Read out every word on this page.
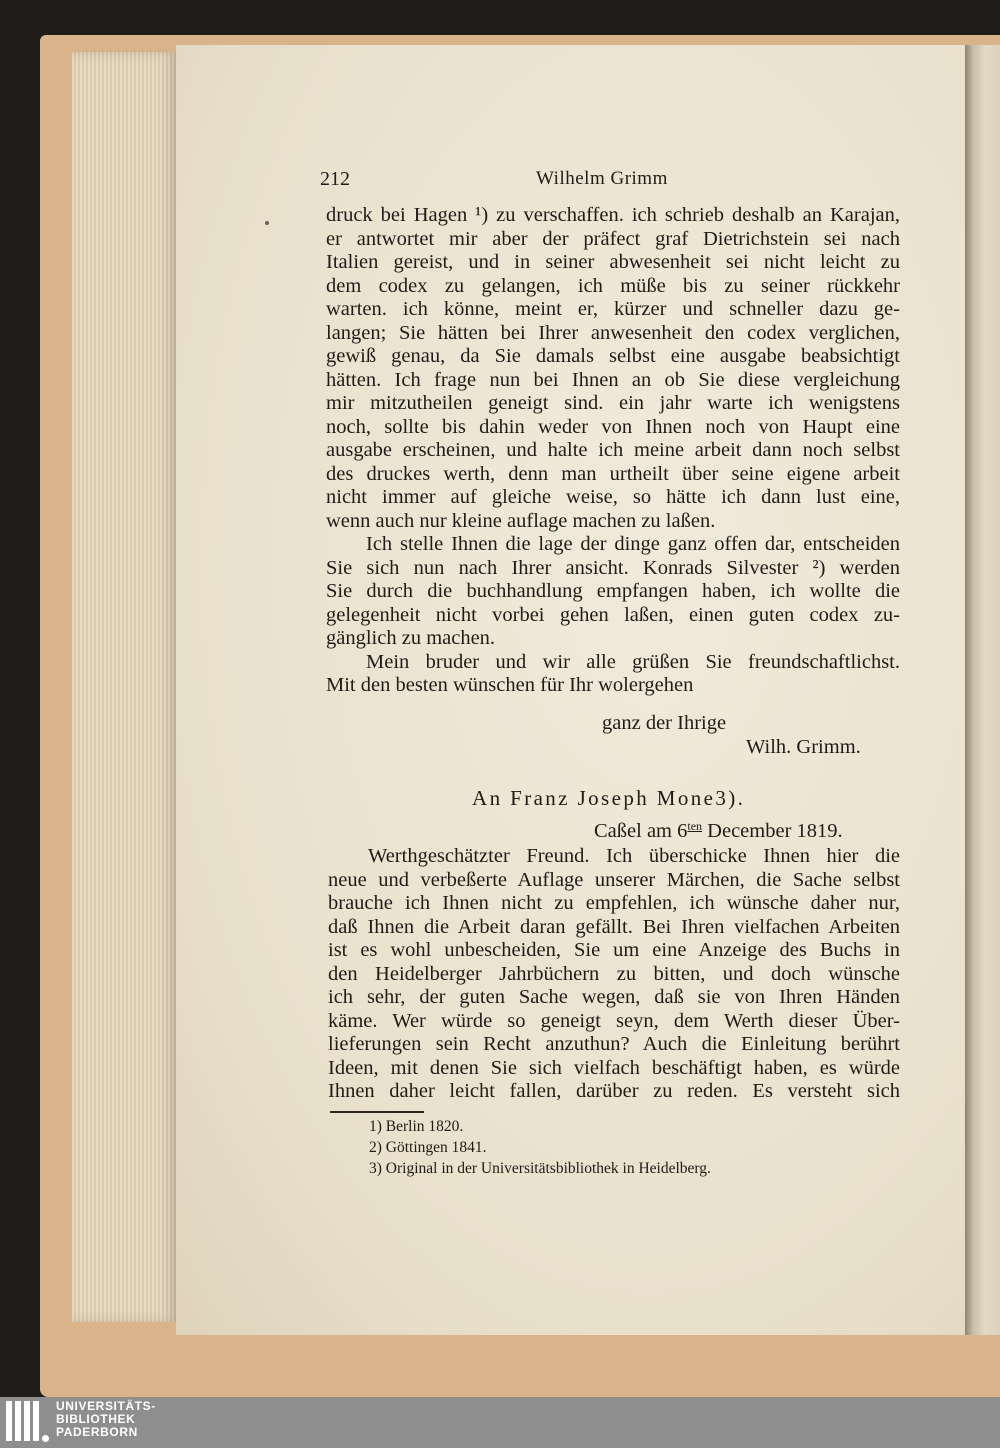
212	Wilhelm Grimm
druck bei Hagen ¹) zu verschaffen. ich schrieb deshalb an Karajan,
er antwortet mir aber der präfect graf Dietrichstein sei nach
Italien gereist, und in seiner abwesenheit sei nicht leicht zu
dem codex zu gelangen, ich müße bis zu seiner rückkehr
warten. ich könne, meint er, kürzer und schneller dazu ge-
langen; Sie hätten bei Ihrer anwesenheit den codex verglichen,
gewiß genau, da Sie damals selbst eine ausgabe beabsichtigt
hätten. Ich frage nun bei Ihnen an ob Sie diese vergleichung
mir mitzutheilen geneigt sind. ein jahr warte ich wenigstens
noch, sollte bis dahin weder von Ihnen noch von Haupt eine
ausgabe erscheinen, und halte ich meine arbeit dann noch selbst
des druckes werth, denn man urtheilt über seine eigene arbeit
nicht immer auf gleiche weise, so hätte ich dann lust eine,
wenn auch nur kleine auflage machen zu laßen.
Ich stelle Ihnen die lage der dinge ganz offen dar, entscheiden
Sie sich nun nach Ihrer ansicht. Konrads Silvester ²) werden
Sie durch die buchhandlung empfangen haben, ich wollte die
gelegenheit nicht vorbei gehen laßen, einen guten codex zu-
gänglich zu machen.
Mein bruder und wir alle grüßen Sie freundschaftlichst.
Mit den besten wünschen für Ihr wolergehen
ganz der Ihrige
Wilh. Grimm.
An Franz Joseph Mone3).
Caßel am $6^{ten}$ December 1819.
Werthgeschätzter Freund. Ich überschicke Ihnen hier die
neue und verbeßerte Auflage unserer Märchen, die Sache selbst
brauche ich Ihnen nicht zu empfehlen, ich wünsche daher nur,
daß Ihnen die Arbeit daran gefällt. Bei Ihren vielfachen Arbeiten
ist es wohl unbescheiden, Sie um eine Anzeige des Buchs in
den Heidelberger Jahrbüchern zu bitten, und doch wünsche
ich sehr, der guten Sache wegen, daß sie von Ihren Händen
käme. Wer würde so geneigt seyn, dem Werth dieser Über-
lieferungen sein Recht anzuthun? Auch die Einleitung berührt
Ideen, mit denen Sie sich vielfach beschäftigt haben, es würde
Ihnen daher leicht fallen, darüber zu reden. Es versteht sich
1) Berlin 1820.
2) Göttingen 1841.
3) Original in der Universitätsbibliothek in Heidelberg.
UNIVERSITÄTS-
BIBLIOTHEK
PADERBORN
